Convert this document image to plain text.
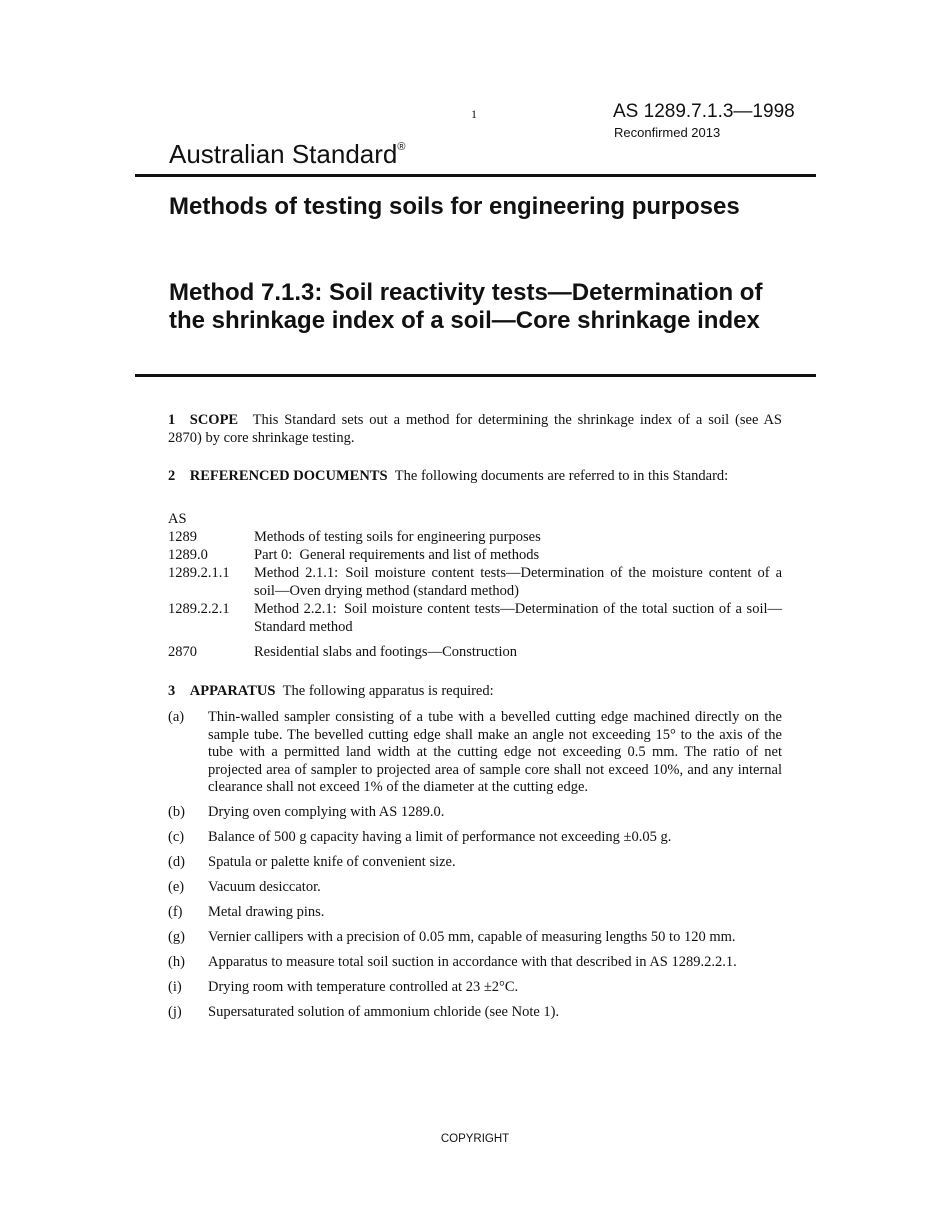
1	AS 1289.7.1.3—1998
Reconfirmed 2013
Australian Standard®
Methods of testing soils for engineering purposes
Method 7.1.3: Soil reactivity tests—Determination of the shrinkage index of a soil—Core shrinkage index

1 SCOPE  This Standard sets out a method for determining the shrinkage index of a soil (see AS 2870) by core shrinkage testing.

2 REFERENCED DOCUMENTS  The following documents are referred to in this Standard:

AS
1289	Methods of testing soils for engineering purposes
1289.0	Part 0: General requirements and list of methods
1289.2.1.1	Method 2.1.1: Soil moisture content tests—Determination of the moisture content of a soil—Oven drying method (standard method)
1289.2.2.1	Method 2.2.1: Soil moisture content tests—Determination of the total suction of a soil—Standard method
2870	Residential slabs and footings—Construction

3 APPARATUS  The following apparatus is required:

(a)	Thin-walled sampler consisting of a tube with a bevelled cutting edge machined directly on the sample tube. The bevelled cutting edge shall make an angle not exceeding 15° to the axis of the tube with a permitted land width at the cutting edge not exceeding 0.5 mm. The ratio of net projected area of sampler to projected area of sample core shall not exceed 10%, and any internal clearance shall not exceed 1% of the diameter at the cutting edge.
(b)	Drying oven complying with AS 1289.0.
(c)	Balance of 500 g capacity having a limit of performance not exceeding ±0.05 g.
(d)	Spatula or palette knife of convenient size.
(e)	Vacuum desiccator.
(f)	Metal drawing pins.
(g)	Vernier callipers with a precision of 0.05 mm, capable of measuring lengths 50 to 120 mm.
(h)	Apparatus to measure total soil suction in accordance with that described in AS 1289.2.2.1.
(i)	Drying room with temperature controlled at 23 ±2°C.
(j)	Supersaturated solution of ammonium chloride (see Note 1).
COPYRIGHT
